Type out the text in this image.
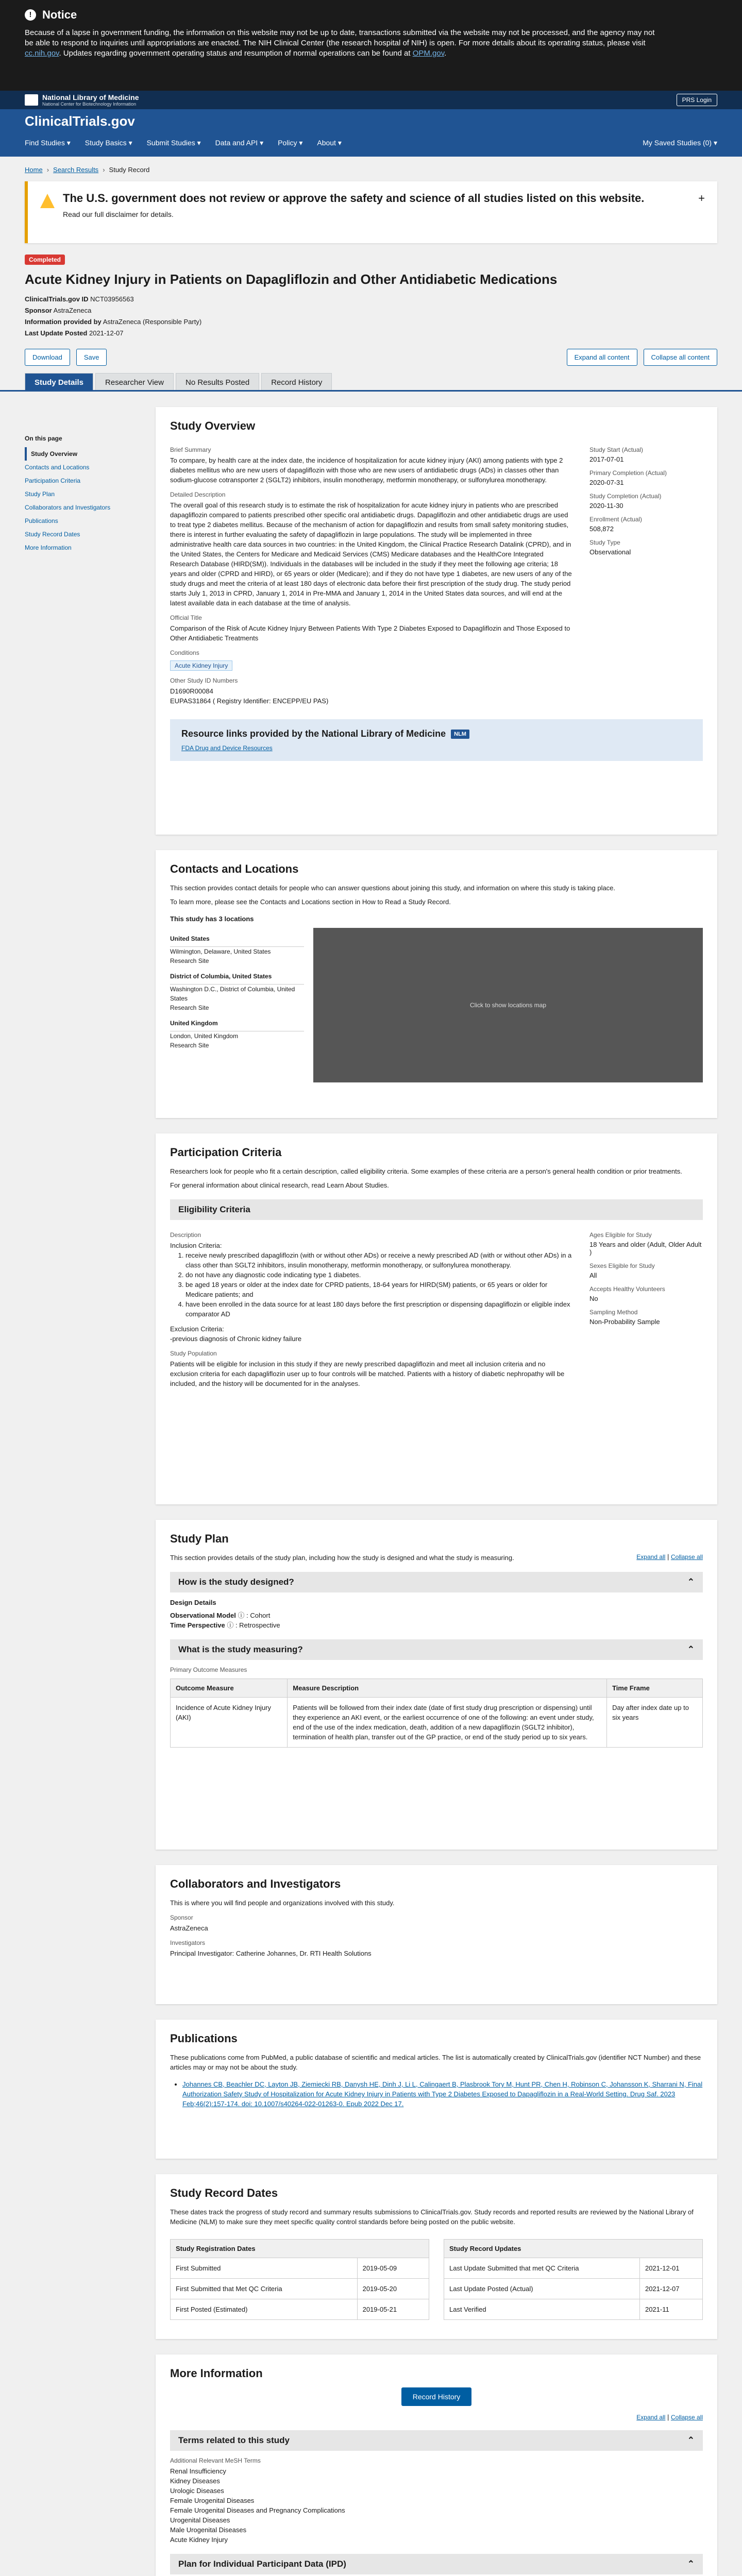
! Notice

Because of a lapse in government funding, the information on this website may not be up to date, transactions submitted via the website may not be processed, and the agency may not be able to respond to inquiries until appropriations are enacted. The NIH Clinical Center (the research hospital of NIH) is open. For more details about its operating status, please visit cc.nih.gov. Updates regarding government operating status and resumption of normal operations can be found at OPM.gov.

National Library of Medicine
National Center for Biotechnology Information
PRS Login
ClinicalTrials.gov
Find Studies ▾ Study Basics ▾ Submit Studies ▾ Data and API ▾ Policy ▾ About ▾	My Saved Studies (0) ▾
Home › Search Results › Study Record
The U.S. government does not review or approve the safety and science of all studies listed on this website.

Read our full disclaimer for details.

+
Completed
Acute Kidney Injury in Patients on Dapagliflozin and Other Antidiabetic Medications
ClinicalTrials.gov ID NCT03956563
Sponsor AstraZeneca
Information provided by AstraZeneca (Responsible Party)
Last Update Posted 2021-12-07
Download	Save	Expand all content	Collapse all content
Study Details	Researcher View	No Results Posted	Record History
On this page
Study Overview
Contacts and Locations
Participation Criteria
Study Plan
Collaborators and Investigators
Publications
Study Record Dates
More Information
Study Overview
Brief Summary
To compare, by health care at the index date, the incidence of hospitalization for acute kidney injury (AKI) among patients with type 2 diabetes mellitus who are new users of dapagliflozin with those who are new users of antidiabetic drugs (ADs) in classes other than sodium-glucose cotransporter 2 (SGLT2) inhibitors, insulin monotherapy, metformin monotherapy, or sulfonylurea monotherapy.
Detailed Description
The overall goal of this research study is to estimate the risk of hospitalization for acute kidney injury in patients who are prescribed dapagliflozin compared to patients prescribed other specific oral antidiabetic drugs. Dapagliflozin and other antidiabetic drugs are used to treat type 2 diabetes mellitus. Because of the mechanism of action for dapagliflozin and results from small safety monitoring studies, there is interest in further evaluating the safety of dapagliflozin in large populations. The study will be implemented in three administrative health care data sources in two countries: in the United Kingdom, the Clinical Practice Research Datalink (CPRD), and in the United States, the Centers for Medicare and Medicaid Services (CMS) Medicare databases and the HealthCore Integrated Research Database (HIRD(SM)). Individuals in the databases will be included in the study if they meet the following age criteria; 18 years and older (CPRD and HIRD), or 65 years or older (Medicare); and if they do not have type 1 diabetes, are new users of any of the study drugs and meet the criteria of at least 180 days of electronic data before their first prescription of the study drug. The study period starts July 1, 2013 in CPRD, January 1, 2014 in Pre-MMA and January 1, 2014 in the United States data sources, and will end at the latest available data in each database at the time of analysis.
Official Title
Comparison of the Risk of Acute Kidney Injury Between Patients With Type 2 Diabetes Exposed to Dapagliflozin and Those Exposed to Other Antidiabetic Treatments
Conditions
Acute Kidney Injury
Other Study ID Numbers
D1690R00084
EUPAS31864 ( Registry Identifier: ENCEPP/EU PAS)
Study Start (Actual)
2017-07-01
Primary Completion (Actual)
2020-07-31
Study Completion (Actual)
2020-11-30
Enrollment (Actual)
508,872
Study Type
Observational
Resource links provided by the National Library of Medicine	NLM
FDA Drug and Device Resources
Contacts and Locations

This section provides contact details for people who can answer questions about joining this study, and information on where this study is taking place.

To learn more, please see the Contacts and Locations section in How to Read a Study Record.

This study has 3 locations

United States
Wilmington, Delaware, United States
Research Site
District of Columbia, United States
Washington D.C., District of Columbia, United States
Research Site
United Kingdom
London, United Kingdom
Research Site
Click to show locations map
Participation Criteria

Researchers look for people who fit a certain description, called eligibility criteria. Some examples of these criteria are a person's general health condition or prior treatments.

For general information about clinical research, read Learn About Studies.

Eligibility Criteria
Description
Inclusion Criteria:
1. receive newly prescribed dapagliflozin (with or without other ADs) or receive a newly prescribed AD (with or without other ADs) in a class other than SGLT2 inhibitors, insulin monotherapy, metformin monotherapy, or sulfonylurea monotherapy.
2. do not have any diagnostic code indicating type 1 diabetes.
3. be aged 18 years or older at the index date for CPRD patients, 18-64 years for HIRD(SM) patients, or 65 years or older for Medicare patients; and
4. have been enrolled in the data source for at least 180 days before the first prescription or dispensing dapagliflozin or eligible index comparator AD
Exclusion Criteria:
-previous diagnosis of Chronic kidney failure
Study Population
Patients will be eligible for inclusion in this study if they are newly prescribed dapagliflozin and meet all inclusion criteria and no exclusion criteria for each dapagliflozin user up to four controls will be matched. Patients with a history of diabetic nephropathy will be included, and the history will be documented for in the analyses.
Ages Eligible for Study
18 Years and older (Adult, Older Adult )
Sexes Eligible for Study
All
Accepts Healthy Volunteers
No
Sampling Method
Non-Probability Sample
Study Plan

This section provides details of the study plan, including how the study is designed and what the study is measuring.	Expand all | Collapse all
How is the study designed?	⌃
Design Details
Observational Model ⓘ : Cohort
Time Perspective ⓘ : Retrospective
What is the study measuring?	⌃
Primary Outcome Measures
Outcome Measure	Measure Description	Time Frame
Incidence of Acute Kidney Injury (AKI)	Patients will be followed from their index date (date of first study drug prescription or dispensing) until they experience an AKI event, or the earliest occurrence of one of the following: an event under study, end of the use of the index medication, death, addition of a new dapagliflozin (SGLT2 inhibitor), termination of health plan, transfer out of the GP practice, or end of the study period up to six years.	Day after index date up to six years
Collaborators and Investigators

This is where you will find people and organizations involved with this study.

Sponsor
AstraZeneca
Investigators
Principal Investigator: Catherine Johannes, Dr. RTI Health Solutions
Publications

These publications come from PubMed, a public database of scientific and medical articles. The list is automatically created by ClinicalTrials.gov (identifier NCT Number) and these articles may or may not be about the study.

• Johannes CB, Beachler DC, Layton JB, Ziemiecki RB, Danysh HE, Dinh J, Li L, Calingaert B, Plasbrook Tory M, Hunt PR, Chen H, Robinson C, Johansson K, Sharrani N, Final Authorization Safety Study of Hospitalization for Acute Kidney Injury in Patients with Type 2 Diabetes Exposed to Dapagliflozin in a Real-World Setting. Drug Saf. 2023 Feb;46(2):157-174. doi: 10.1007/s40264-022-01263-0. Epub 2022 Dec 17.
Study Record Dates

These dates track the progress of study record and summary results submissions to ClinicalTrials.gov. Study records and reported results are reviewed by the National Library of Medicine (NLM) to make sure they meet specific quality control standards before being posted on the public website.

Study Registration Dates	
First Submitted	2019-05-09
First Submitted that Met QC Criteria	2019-05-20
First Posted (Estimated)	2019-05-21
Study Record Updates	
Last Update Submitted that met QC Criteria	2021-12-01
Last Update Posted (Actual)	2021-12-07
Last Verified	2021-11
More Information
Record History
Expand all | Collapse all
Terms related to this study	⌃
Additional Relevant MeSH Terms
Renal Insufficiency
Kidney Diseases
Urologic Diseases
Female Urogenital Diseases
Female Urogenital Diseases and Pregnancy Complications
Urogenital Diseases
Male Urogenital Diseases
Acute Kidney Injury
Plan for Individual Participant Data (IPD)	⌃
